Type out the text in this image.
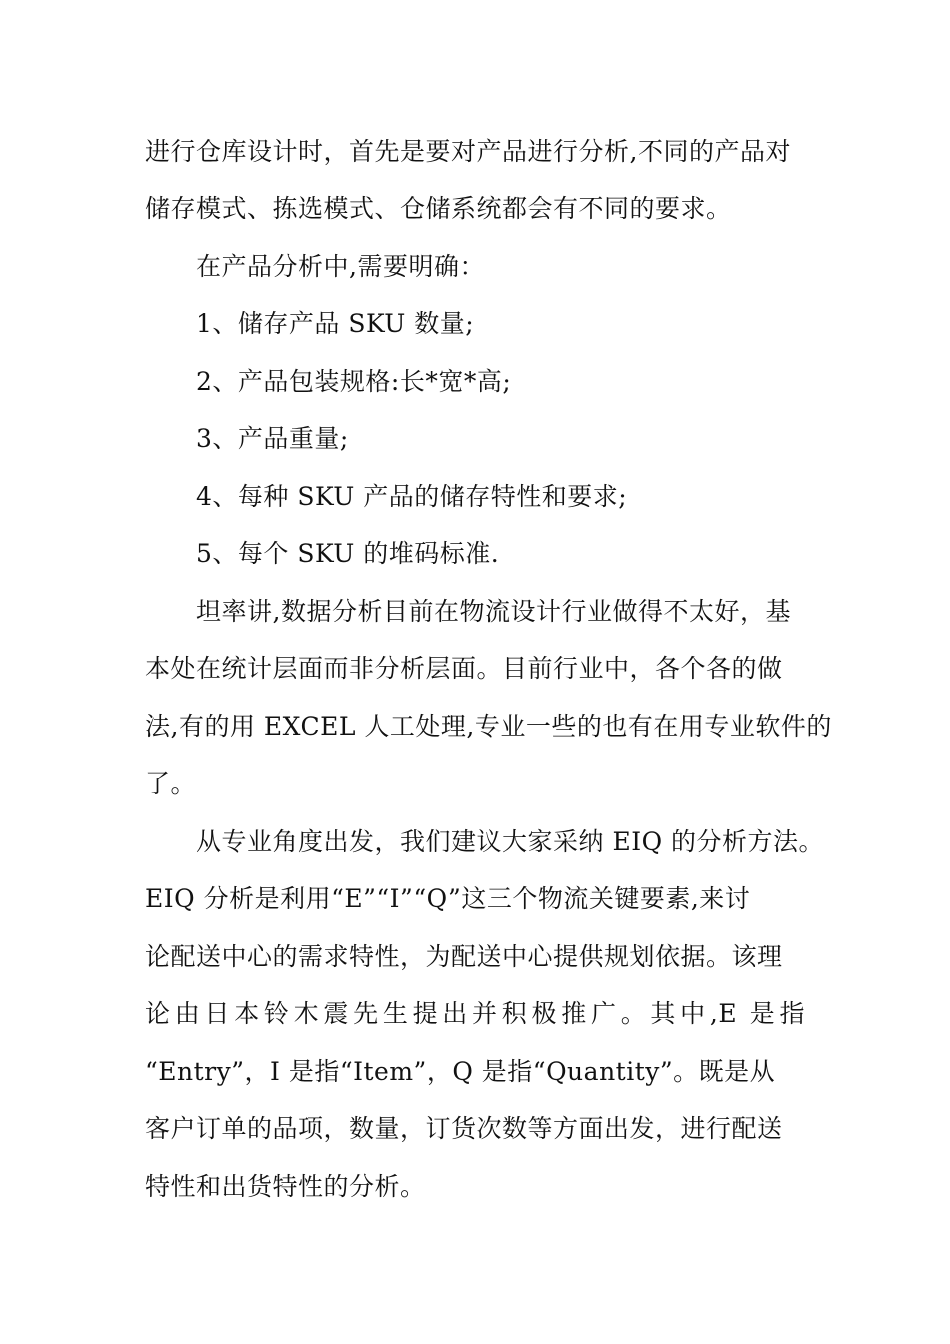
进行仓库设计时，首先是要对产品进行分析,不同的产品对
储存模式、拣选模式、仓储系统都会有不同的要求。
在产品分析中,需要明确：
1、储存产品 SKU 数量;
2、产品包装规格:长*宽*高;
3、产品重量;
4、每种 SKU 产品的储存特性和要求;
5、每个 SKU 的堆码标准.
坦率讲,数据分析目前在物流设计行业做得不太好，基
本处在统计层面而非分析层面。目前行业中，各个各的做
法,有的用 EXCEL 人工处理,专业一些的也有在用专业软件的
了。
从专业角度出发，我们建议大家采纳 EIQ 的分析方法。
EIQ 分析是利用“E”“I”“Q”这三个物流关键要素,来讨
论配送中心的需求特性，为配送中心提供规划依据。该理
论由日本铃木震先生提出并积极推广。其中,E 是指
“Entry”，I 是指“Item”，Q 是指“Quantity”。既是从
客户订单的品项，数量，订货次数等方面出发，进行配送
特性和出货特性的分析。
